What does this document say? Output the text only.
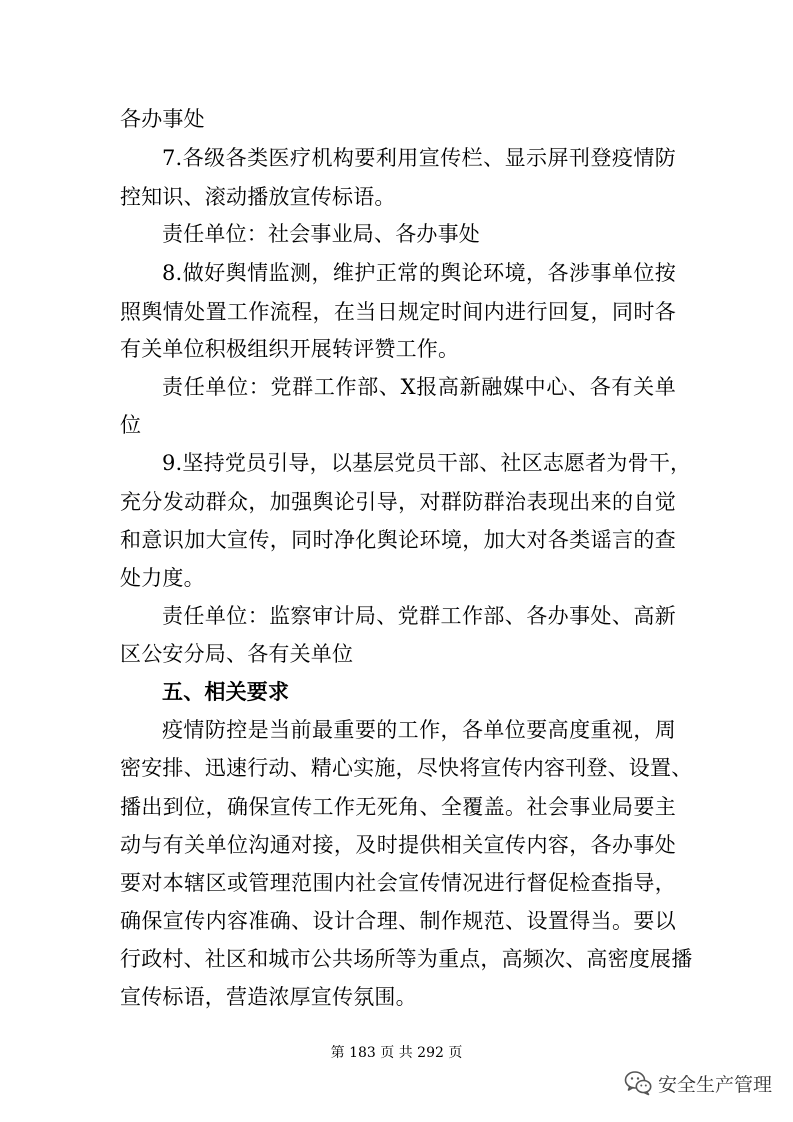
各办事处
7.各级各类医疗机构要利用宣传栏、显示屏刊登疫情防
控知识、滚动播放宣传标语。
责任单位：社会事业局、各办事处
8.做好舆情监测，维护正常的舆论环境，各涉事单位按
照舆情处置工作流程，在当日规定时间内进行回复，同时各
有关单位积极组织开展转评赞工作。
责任单位：党群工作部、X报高新融媒中心、各有关单
位
9.坚持党员引导，以基层党员干部、社区志愿者为骨干，
充分发动群众，加强舆论引导，对群防群治表现出来的自觉
和意识加大宣传，同时净化舆论环境，加大对各类谣言的查
处力度。
责任单位：监察审计局、党群工作部、各办事处、高新
区公安分局、各有关单位
五、相关要求
疫情防控是当前最重要的工作，各单位要高度重视，周
密安排、迅速行动、精心实施，尽快将宣传内容刊登、设置、
播出到位，确保宣传工作无死角、全覆盖。社会事业局要主
动与有关单位沟通对接，及时提供相关宣传内容，各办事处
要对本辖区或管理范围内社会宣传情况进行督促检查指导，
确保宣传内容准确、设计合理、制作规范、设置得当。要以
行政村、社区和城市公共场所等为重点，高频次、高密度展播
宣传标语，营造浓厚宣传氛围。
第 183 页 共 292 页
安全生产管理
